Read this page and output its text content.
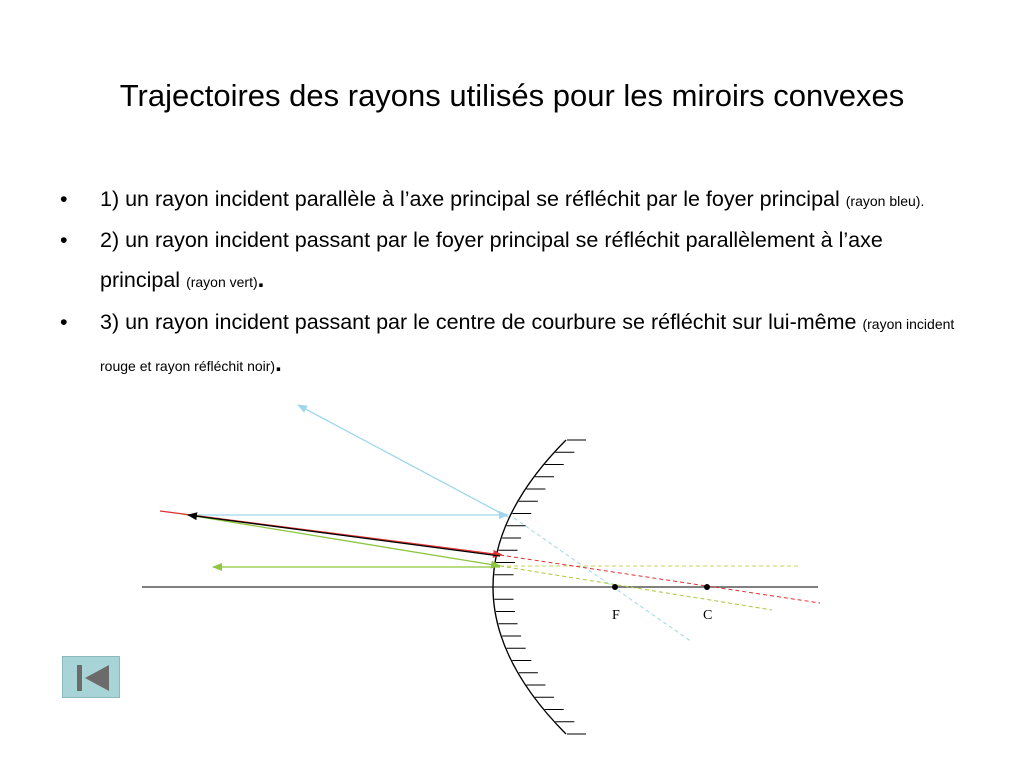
Trajectoires des rayons utilisés pour les miroirs convexes
• 1) un rayon incident parallèle à l’axe principal se réfléchit par le foyer principal (rayon bleu).
• 2) un rayon incident passant par le foyer principal se réfléchit parallèlement à l’axe principal (rayon vert).
• 3) un rayon incident passant par le centre de courbure se réfléchit sur lui-même (rayon incident rouge et rayon réfléchit noir).
F	C
